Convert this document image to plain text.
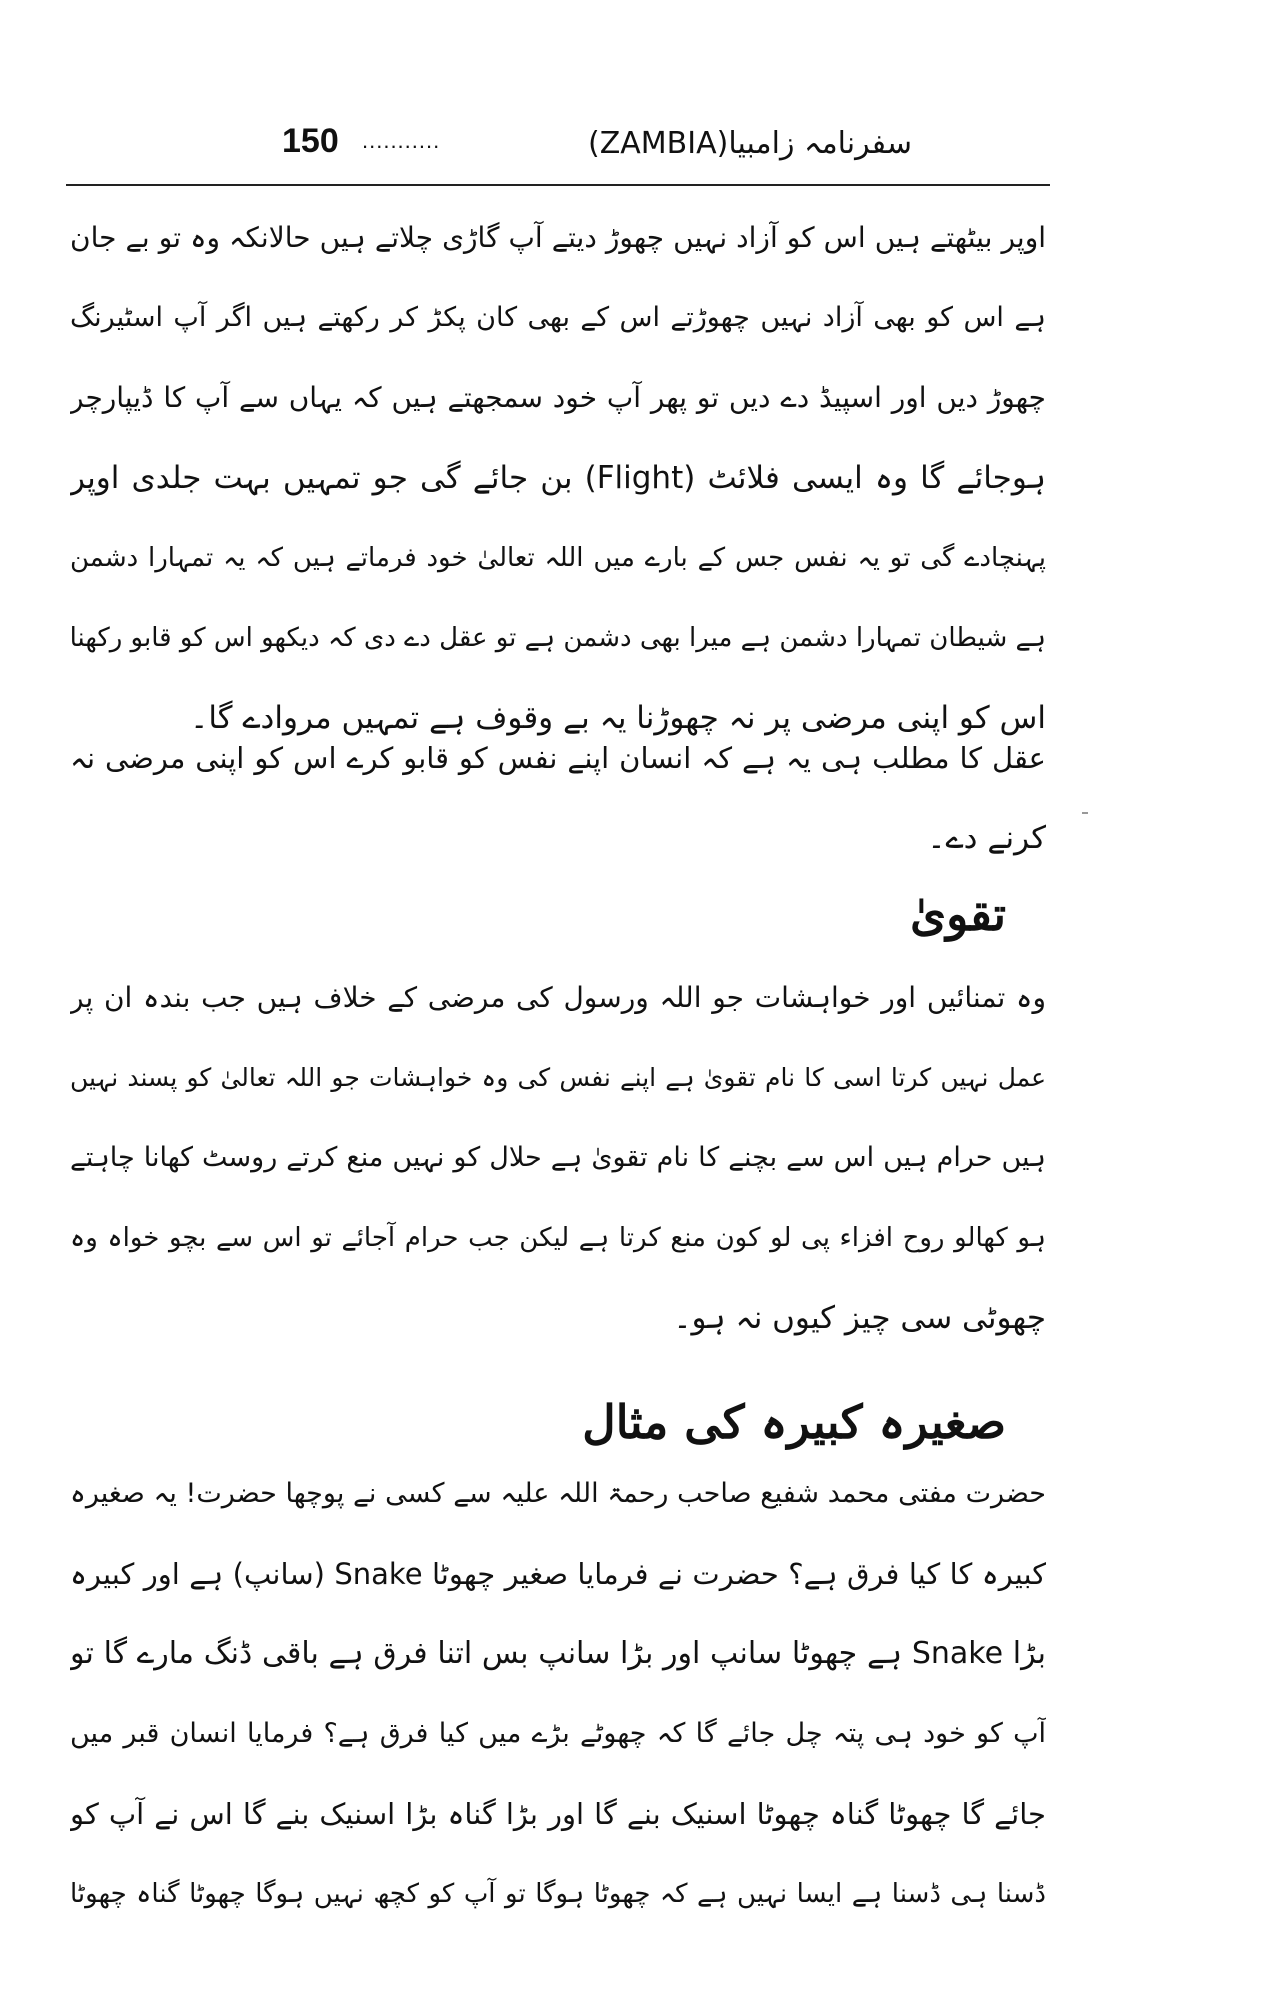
150 ...........	سفرنامہ زامبیا(ZAMBIA)
اوپر بیٹھتے ہیں اس کو آزاد نہیں چھوڑ دیتے آپ گاڑی چلاتے ہیں حالانکہ وہ تو بے جان
ہے اس کو بھی آزاد نہیں چھوڑتے اس کے بھی کان پکڑ کر رکھتے ہیں اگر آپ اسٹیرنگ
چھوڑ دیں اور اسپیڈ دے دیں تو پھر آپ خود سمجھتے ہیں کہ یہاں سے آپ کا ڈیپارچر
ہوجائے گا وہ ایسی فلائٹ (Flight) بن جائے گی جو تمہیں بہت جلدی اوپر
پہنچادے گی تو یہ نفس جس کے بارے میں اللہ تعالیٰ خود فرماتے ہیں کہ یہ تمہارا دشمن
ہے شیطان تمہارا دشمن ہے میرا بھی دشمن ہے تو عقل دے دی کہ دیکھو اس کو قابو رکھنا
اس کو اپنی مرضی پر نہ چھوڑنا یہ بے وقوف ہے تمہیں مروادے گا۔
عقل کا مطلب ہی یہ ہے کہ انسان اپنے نفس کو قابو کرے اس کو اپنی مرضی نہ
کرنے دے۔
تقویٰ
وہ تمنائیں اور خواہشات جو اللہ ورسول کی مرضی کے خلاف ہیں جب بندہ ان پر
عمل نہیں کرتا اسی کا نام تقویٰ ہے اپنے نفس کی وہ خواہشات جو اللہ تعالیٰ کو پسند نہیں
ہیں حرام ہیں اس سے بچنے کا نام تقویٰ ہے حلال کو نہیں منع کرتے روسٹ کھانا چاہتے
ہو کھالو روح افزاء پی لو کون منع کرتا ہے لیکن جب حرام آجائے تو اس سے بچو خواہ وہ
چھوٹی سی چیز کیوں نہ ہو۔
صغیرہ کبیرہ کی مثال
حضرت مفتی محمد شفیع صاحب رحمۃ اللہ علیہ سے کسی نے پوچھا حضرت! یہ صغیرہ
کبیرہ کا کیا فرق ہے؟ حضرت نے فرمایا صغیر چھوٹا Snake (سانپ) ہے اور کبیرہ
بڑا Snake ہے چھوٹا سانپ اور بڑا سانپ بس اتنا فرق ہے باقی ڈنگ مارے گا تو
آپ کو خود ہی پتہ چل جائے گا کہ چھوٹے بڑے میں کیا فرق ہے؟ فرمایا انسان قبر میں
جائے گا چھوٹا گناہ چھوٹا اسنیک بنے گا اور بڑا گناہ بڑا اسنیک بنے گا اس نے آپ کو
ڈسنا ہی ڈسنا ہے ایسا نہیں ہے کہ چھوٹا ہوگا تو آپ کو کچھ نہیں ہوگا چھوٹا گناہ چھوٹا
